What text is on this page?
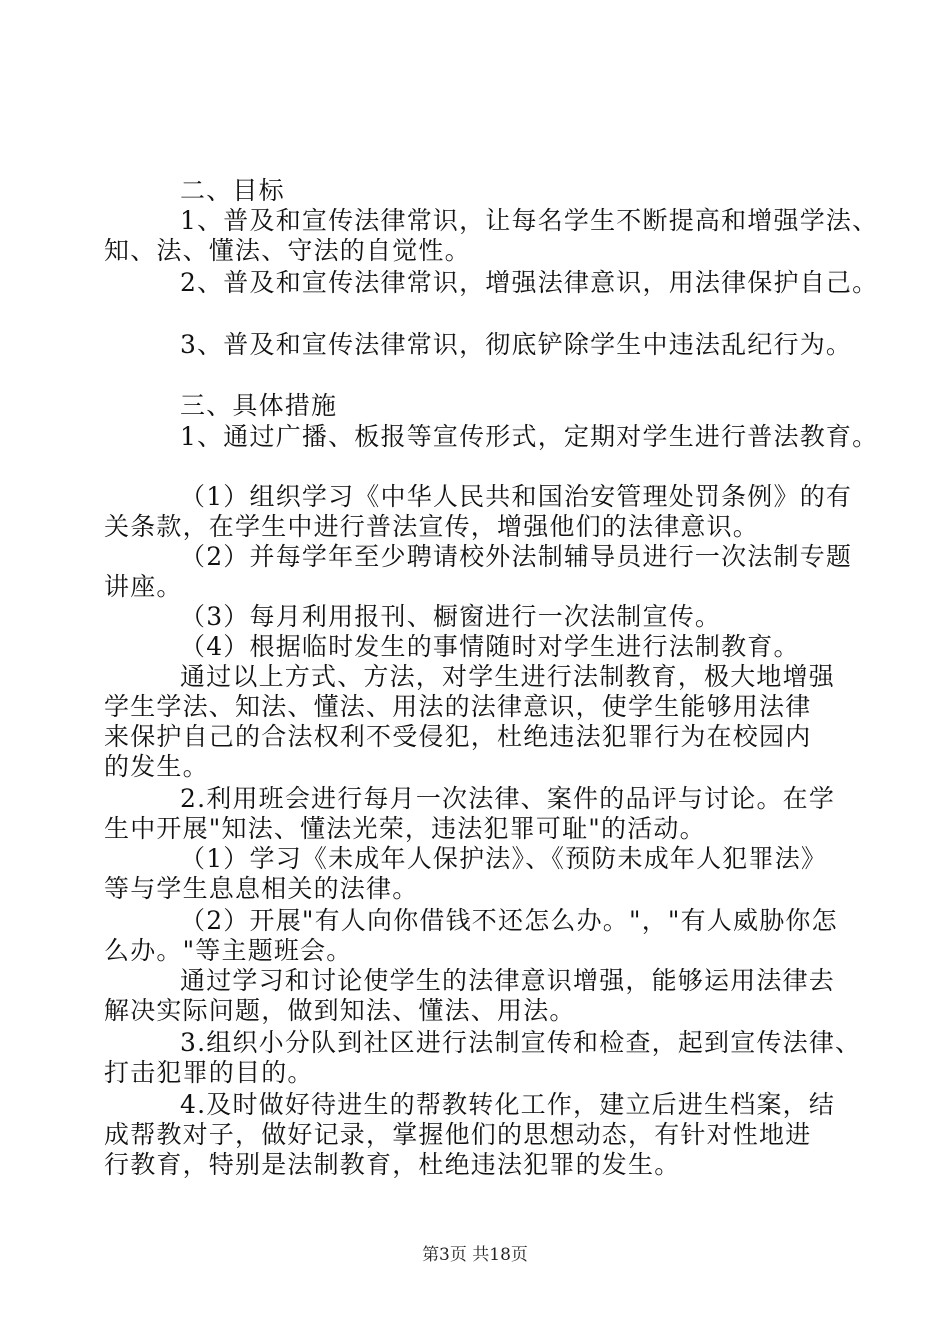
二、目标
1、普及和宣传法律常识，让每名学生不断提高和增强学法、
知、法、懂法、守法的自觉性。
2、普及和宣传法律常识，增强法律意识，用法律保护自己。
3、普及和宣传法律常识，彻底铲除学生中违法乱纪行为。
三、具体措施
1、通过广播、板报等宣传形式，定期对学生进行普法教育。
（1）组织学习《中华人民共和国治安管理处罚条例》的有
关条款，在学生中进行普法宣传，增强他们的法律意识。
（2）并每学年至少聘请校外法制辅导员进行一次法制专题
讲座。
（3）每月利用报刊、橱窗进行一次法制宣传。
（4）根据临时发生的事情随时对学生进行法制教育。
通过以上方式、方法，对学生进行法制教育，极大地增强
学生学法、知法、懂法、用法的法律意识，使学生能够用法律
来保护自己的合法权利不受侵犯，杜绝违法犯罪行为在校园内
的发生。
2.利用班会进行每月一次法律、案件的品评与讨论。在学
生中开展"知法、懂法光荣，违法犯罪可耻"的活动。
（1）学习《未成年人保护法》、《预防未成年人犯罪法》
等与学生息息相关的法律。
（2）开展"有人向你借钱不还怎么办。"，"有人威胁你怎
么办。"等主题班会。
通过学习和讨论使学生的法律意识增强，能够运用法律去
解决实际问题，做到知法、懂法、用法。
3.组织小分队到社区进行法制宣传和检查，起到宣传法律、
打击犯罪的目的。
4.及时做好待进生的帮教转化工作，建立后进生档案，结
成帮教对子，做好记录，掌握他们的思想动态，有针对性地进
行教育，特别是法制教育，杜绝违法犯罪的发生。
第3页 共18页
